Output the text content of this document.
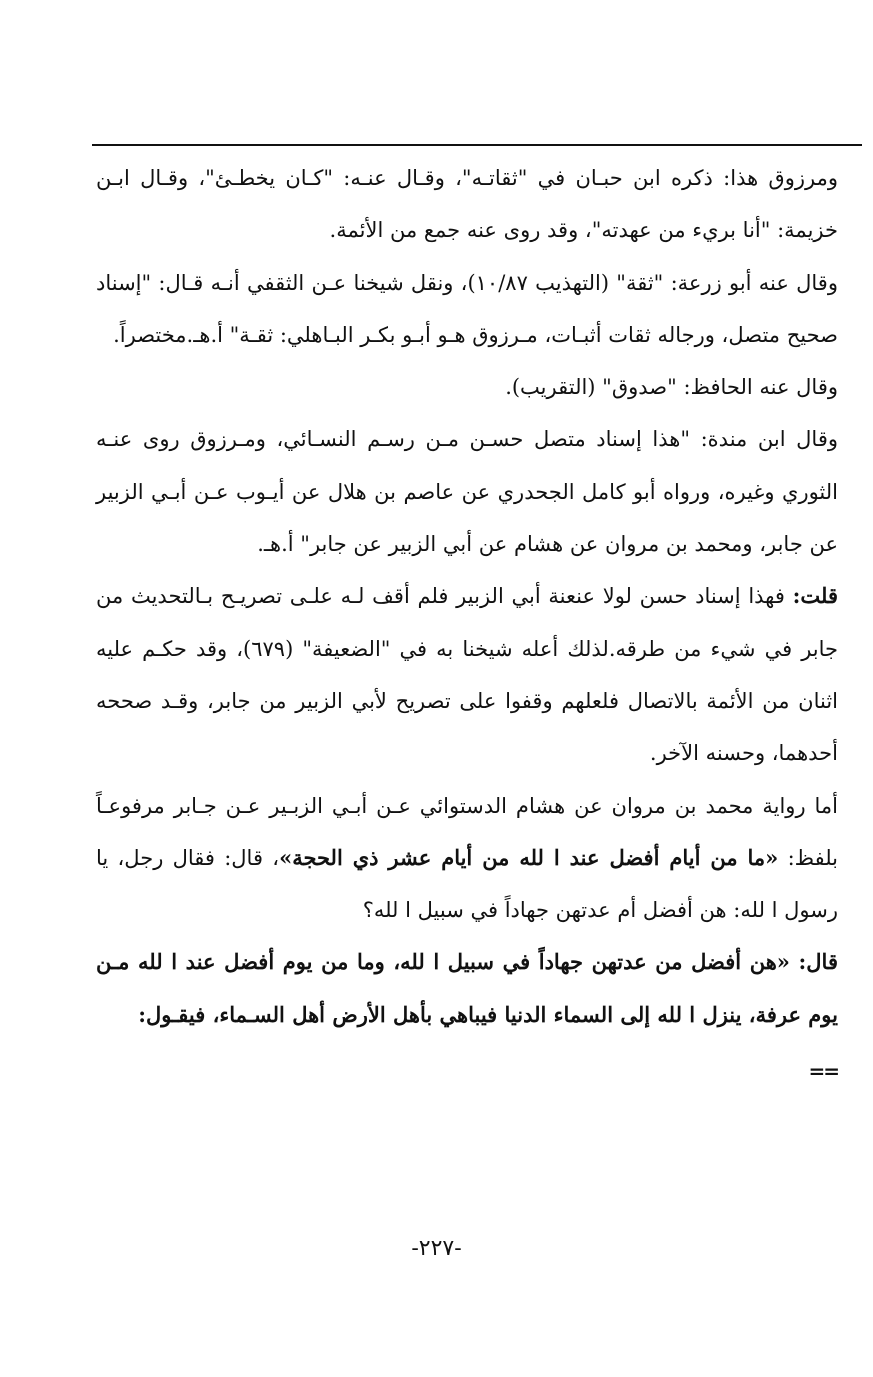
ومرزوق هذا: ذكره ابن حبـان في "ثقاتـه"، وقـال عنـه: "كـان يخطـئ"، وقـال ابـن خزيمة: "أنا بريء من عهدته"، وقد روى عنه جمع من الأئمة.

وقال عنه أبو زرعة: "ثقة" (التهذيب ١٠/٨٧)، ونقل شيخنا عـن الثقفي أنـه قـال: "إسناد صحيح متصل، ورجاله ثقات أثبـات، مـرزوق هـو أبـو بكـر البـاهلي: ثقـة" أ.هـ.مختصراً.

وقال عنه الحافظ: "صدوق" (التقريب).

وقال ابن مندة: "هذا إسناد متصل حسـن مـن رسـم النسـائي، ومـرزوق روى عنـه الثوري وغيره، ورواه أبو كامل الجحدري عن عاصم بن هلال عن أيـوب عـن أبـي الزبير عن جابر، ومحمد بن مروان عن هشام عن أبي الزبير عن جابر" أ.هـ.

قلت: فهذا إسناد حسن لولا عنعنة أبي الزبير فلم أقف لـه علـى تصريـح بـالتحديث من جابر في شيء من طرقه.لذلك أعله شيخنا به في "الضعيفة" (٦٧٩)، وقد حكـم عليه اثنان من الأئمة بالاتصال فلعلهم وقفوا على تصريح لأبي الزبير من جابر، وقـد صححه أحدهما، وحسنه الآخر.

أما رواية محمد بن مروان عن هشام الدستوائي عـن أبـي الزبـير عـن جـابر مرفوعـاً بلفظ: «ما من أيام أفضل عند ا لله من أيام عشر ذي الحجة»، قال: فقال رجل، يا رسول ا لله: هن أفضل أم عدتهن جهاداً في سبيل ا لله؟

قال: «هن أفضل من عدتهن جهاداً في سبيل ا لله، وما من يوم أفضل عند ا لله مـن يوم عرفة، ينزل ا لله إلى السماء الدنيا فيباهي بأهل الأرض أهل السـماء، فيقـول:

==
-٢٢٧-
